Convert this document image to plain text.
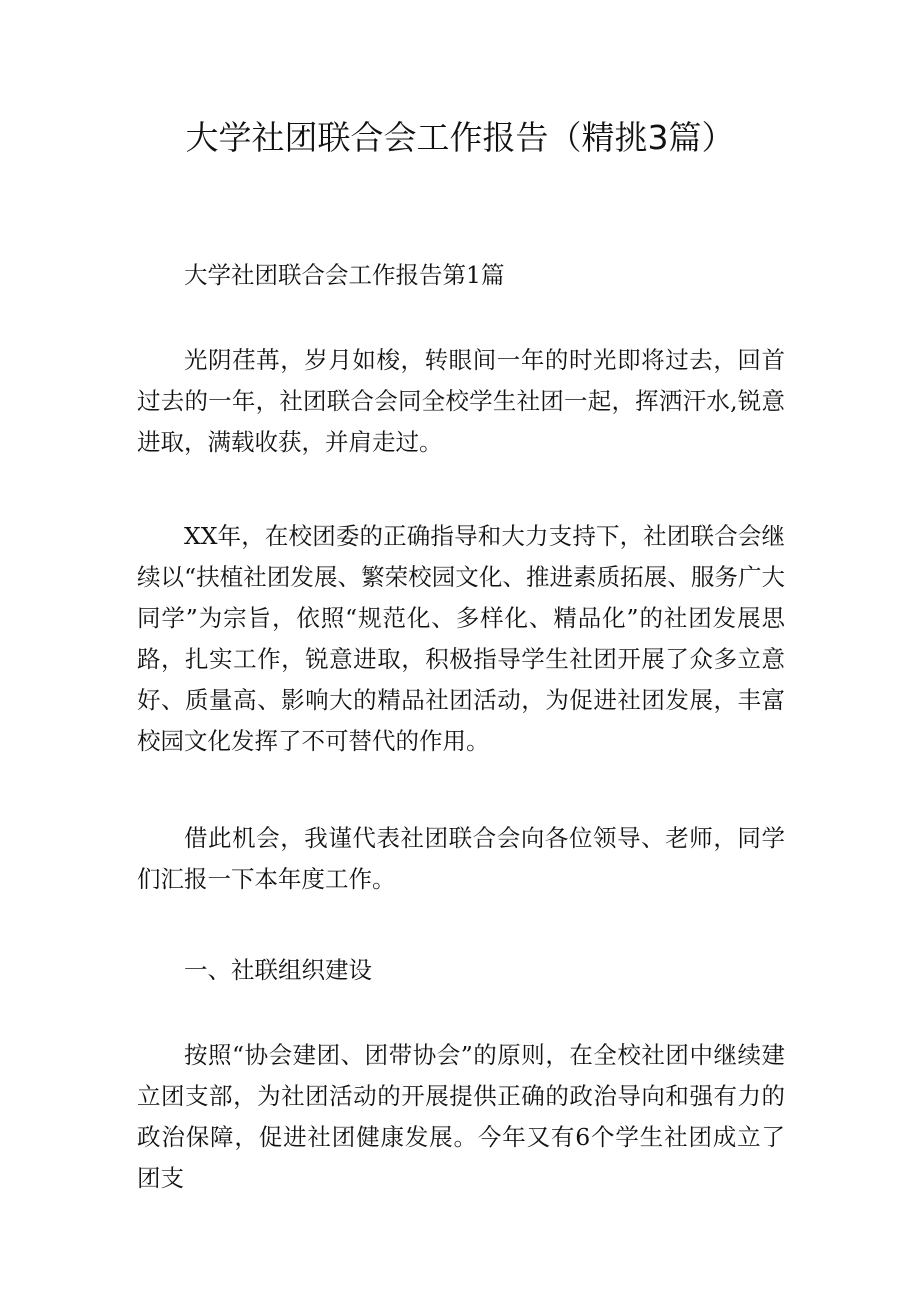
大学社团联合会工作报告（精挑3篇）

大学社团联合会工作报告第1篇

光阴荏苒，岁月如梭，转眼间一年的时光即将过去，回首过去的一年，社团联合会同全校学生社团一起，挥洒汗水,锐意进取，满载收获，并肩走过。

XX年，在校团委的正确指导和大力支持下，社团联合会继续以“扶植社团发展、繁荣校园文化、推进素质拓展、服务广大同学”为宗旨，依照“规范化、多样化、精品化”的社团发展思路，扎实工作，锐意进取，积极指导学生社团开展了众多立意好、质量高、影响大的精品社团活动，为促进社团发展，丰富校园文化发挥了不可替代的作用。

借此机会，我谨代表社团联合会向各位领导、老师，同学们汇报一下本年度工作。

一、社联组织建设

按照“协会建团、团带协会”的原则，在全校社团中继续建立团支部，为社团活动的开展提供正确的政治导向和强有力的政治保障，促进社团健康发展。今年又有6个学生社团成立了团支
